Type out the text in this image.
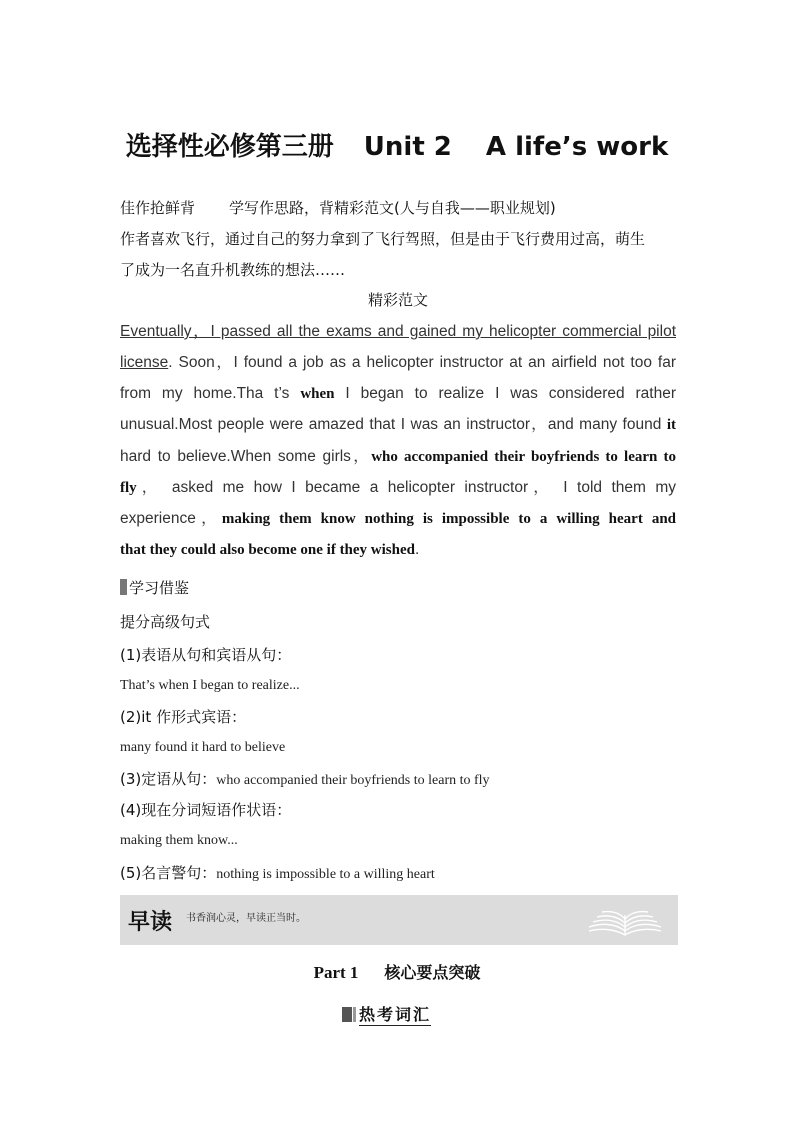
选择性必修第三册 Unit 2 A life’s work
佳作抢鲜背 学写作思路，背精彩范文(人与自我——职业规划)
作者喜欢飞行，通过自己的努力拿到了飞行驾照，但是由于飞行费用过高，萌生
了成为一名直升机教练的想法……
精彩范文
Eventually，I passed all the exams and gained my helicopter commercial pilot
license. Soon，I found a job as a helicopter instructor at an airfield not too far
from my home.Tha t’s when I began to realize I was considered rather
unusual.Most people were amazed that I was an instructor，and many found it
hard to believe.When some girls，who accompanied their boyfriends to learn to
fly， asked me how I became a helicopter instructor， I told them my
experience，making them know nothing is impossible to a willing heart and
that they could also become one if they wished.
学习借鉴
提分高级句式
(1)表语从句和宾语从句：
That’s when I began to realize...
(2)it 作形式宾语：
many found it hard to believe
(3)定语从句：who accompanied their boyfriends to learn to fly
(4)现在分词短语作状语：
making them know...
(5)名言警句：nothing is impossible to a willing heart
早读 书香润心灵，早读正当时。
Part 1 核心要点突破
热考词汇
